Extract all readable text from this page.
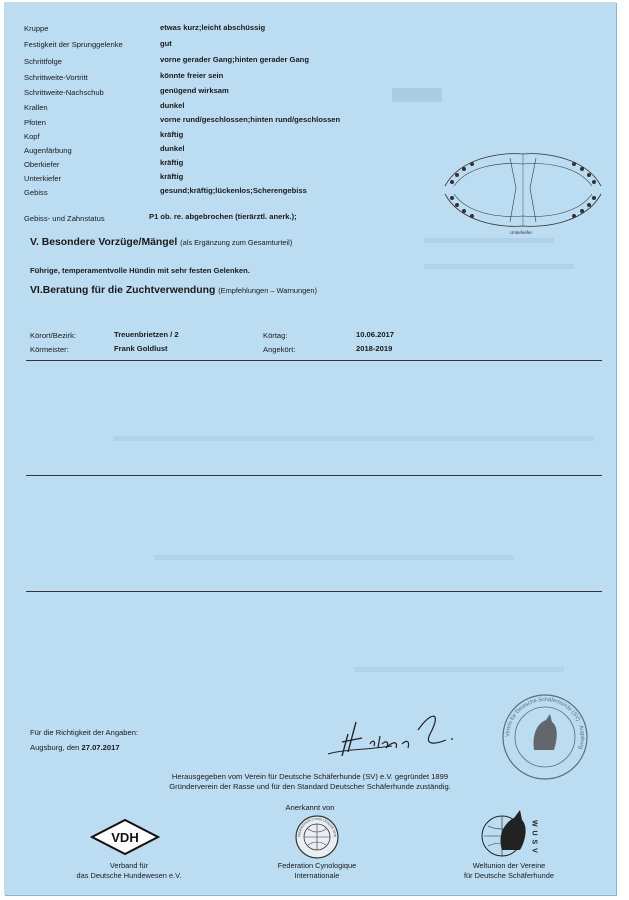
Kruppe	etwas kurz;leicht abschüssig
Festigkeit der Sprunggelenke	gut
Schrittfolge	vorne gerader Gang;hinten gerader Gang
Schrittweite-Vortritt	könnte freier sein
Schrittweite-Nachschub	genügend wirksam
Krallen	dunkel
Pfoten	vorne rund/geschlossen;hinten rund/geschlossen
Kopf	kräftig
Augenfärbung	dunkel
Oberkiefer	kräftig
Unterkiefer	kräftig
Gebiss	gesund;kräftig;lückenlos;Scherengebiss
Gebiss- und Zahnstatus	P1 ob. re. abgebrochen (tierärztl. anerk.);
Unterkiefer
V. Besondere Vorzüge/Mängel (als Ergänzung zum Gesamturteil)
Führige, temperamentvolle Hündin mit sehr festen Gelenken.
VI.Beratung für die Zuchtverwendung (Empfehlungen – Warnungen)
Körort/Bezirk:	Treuenbrietzen / 2	Körtag:	10.06.2017
Körmeister:	Frank Goldlust	Angekört:	2018-2019
Für die Richtigkeit der Angaben:
Augsburg, den 27.07.2017
Verein für Deutsche Schäferhunde (SV) · Augsburg
Herausgegeben vom Verein für Deutsche Schäferhunde (SV) e.V. gegründet 1899
Gründerverein der Rasse und für den Standard Deutscher Schäferhunde zuständig.
Anerkannt von
VDH
Verband für
das Deutsche Hundewesen e.V.
FEDERATION CYNOLOGIQUE INTE
Federation Cynologique
Internationale
W U S V
Weltunion der Vereine
für Deutsche Schäferhunde
